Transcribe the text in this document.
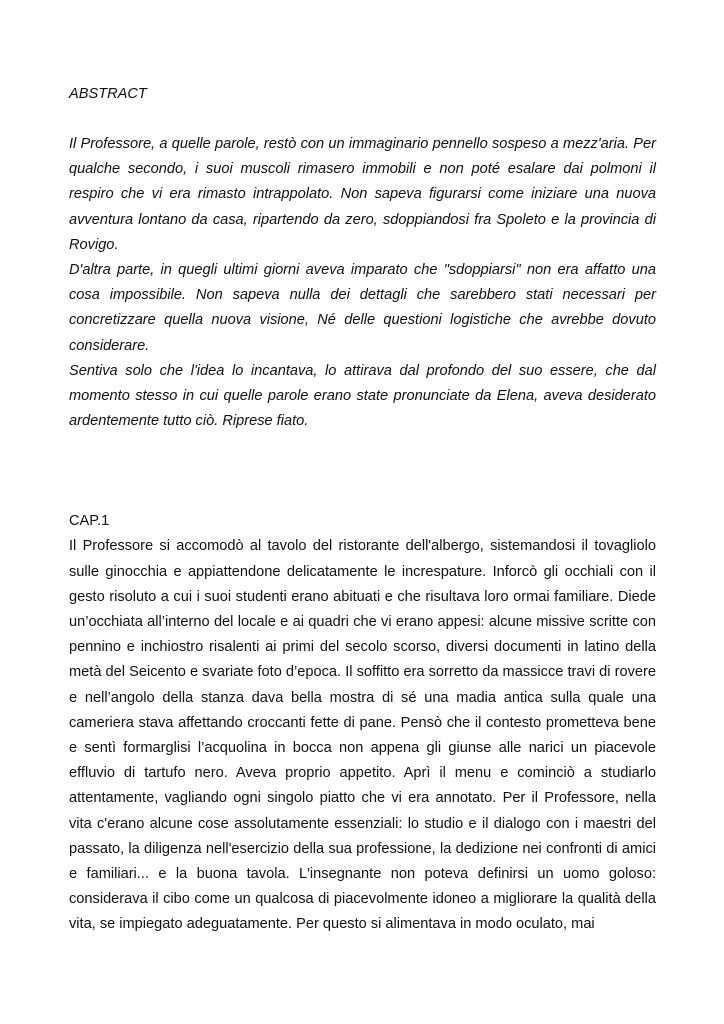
ABSTRACT

Il Professore, a quelle parole, restò con un immaginario pennello sospeso a mezz'aria. Per qualche secondo, i suoi muscoli rimasero immobili e non poté esalare dai polmoni il respiro che vi era rimasto intrappolato. Non sapeva figurarsi come iniziare una nuova avventura lontano da casa, ripartendo da zero, sdoppiandosi fra Spoleto e la provincia di Rovigo.

D'altra parte, in quegli ultimi giorni aveva imparato che "sdoppiarsi" non era affatto una cosa impossibile. Non sapeva nulla dei dettagli che sarebbero stati necessari per concretizzare quella nuova visione, Né delle questioni logistiche che avrebbe dovuto considerare.

Sentiva solo che l'idea lo incantava, lo attirava dal profondo del suo essere, che dal momento stesso in cui quelle parole erano state pronunciate da Elena, aveva desiderato ardentemente tutto ciò. Riprese fiato.

CAP.1

Il Professore si accomodò al tavolo del ristorante dell'albergo, sistemandosi il tovagliolo sulle ginocchia e appiattendone delicatamente le increspature. Inforcò gli occhiali con il gesto risoluto a cui i suoi studenti erano abituati e che risultava loro ormai familiare. Diede un’occhiata all’interno del locale e ai quadri che vi erano appesi: alcune missive scritte con pennino e inchiostro risalenti ai primi del secolo scorso, diversi documenti in latino della metà del Seicento e svariate foto d’epoca. Il soffitto era sorretto da massicce travi di rovere e nell’angolo della stanza dava bella mostra di sé una madia antica sulla quale una cameriera stava affettando croccanti fette di pane. Pensò che il contesto prometteva bene e sentì formarglisi l’acquolina in bocca non appena gli giunse alle narici un piacevole effluvio di tartufo nero. Aveva proprio appetito. Aprì il menu e cominciò a studiarlo attentamente, vagliando ogni singolo piatto che vi era annotato. Per il Professore, nella vita c'erano alcune cose assolutamente essenziali: lo studio e il dialogo con i maestri del passato, la diligenza nell'esercizio della sua professione, la dedizione nei confronti di amici e familiari... e la buona tavola. L'insegnante non poteva definirsi un uomo goloso: considerava il cibo come un qualcosa di piacevolmente idoneo a migliorare la qualità della vita, se impiegato adeguatamente. Per questo si alimentava in modo oculato, mai
